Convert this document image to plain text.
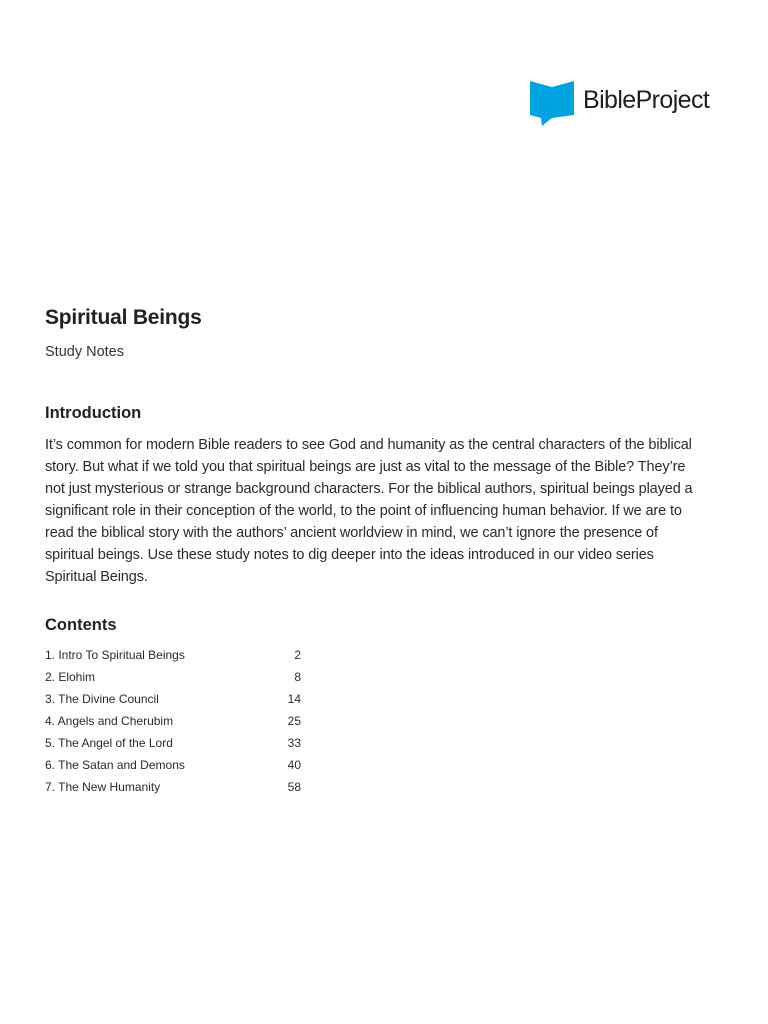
BibleProject
Spiritual Beings

Study Notes

Introduction

It’s common for modern Bible readers to see God and humanity as the central characters of the biblical story. But what if we told you that spiritual beings are just as vital to the message of the Bible? They’re not just mysterious or strange background characters. For the biblical authors, spiritual beings played a significant role in their conception of the world, to the point of influencing human behavior. If we are to read the biblical story with the authors’ ancient worldview in mind, we can’t ignore the presence of spiritual beings. Use these study notes to dig deeper into the ideas introduced in our video series Spiritual Beings.

Contents
1. Intro To Spiritual Beings	2
2. Elohim	8
3. The Divine Council	14
4. Angels and Cherubim	25
5. The Angel of the Lord	33
6. The Satan and Demons	40
7. The New Humanity	58
